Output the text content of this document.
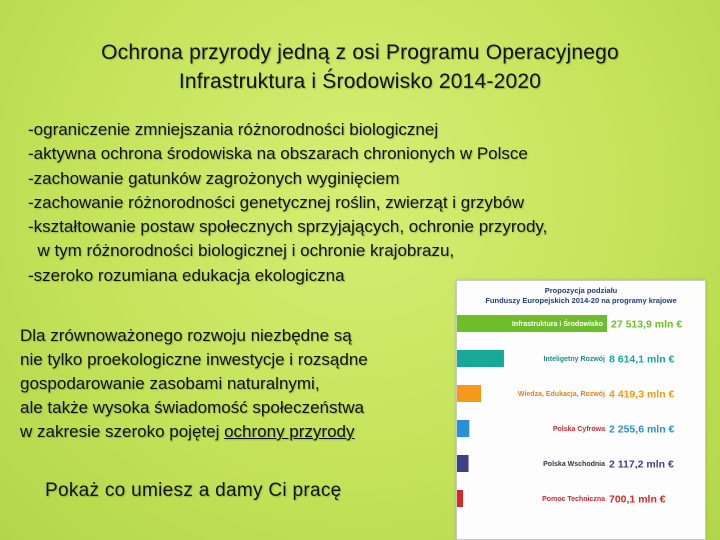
Ochrona przyrody jedną z osi Programu Operacyjnego
Infrastruktura i Środowisko 2014-2020
-ograniczenie zmniejszania różnorodności biologicznej
-aktywna ochrona środowiska na obszarach chronionych w Polsce
-zachowanie gatunków zagrożonych wyginięciem
-zachowanie różnorodności genetycznej roślin, zwierząt i grzybów
-kształtowanie postaw społecznych sprzyjających, ochronie przyrody,
w tym różnorodności biologicznej i ochronie krajobrazu,
-szeroko rozumiana edukacja ekologiczna
Dla zrównoważonego rozwoju niezbędne są
nie tylko proekologiczne inwestycje i rozsądne
gospodarowanie zasobami naturalnymi,
ale także wysoka świadomość społeczeństwa
w zakresie szeroko pojętej ochrony przyrody
Pokaż co umiesz a damy Ci pracę
Propozycja podziału
Funduszy Europejskich 2014-20 na programy krajowe
Infrastruktura i Środowisko 27 513,9 mln €
Inteligetny Rozwój 8 614,1 mln €
Wiedza, Edukacja, Rozwój 4 419,3 mln €
Polska Cyfrowa 2 255,6 mln €
Polska Wschodnia 2 117,2 mln €
Pomoc Techniczna 700,1 mln €
